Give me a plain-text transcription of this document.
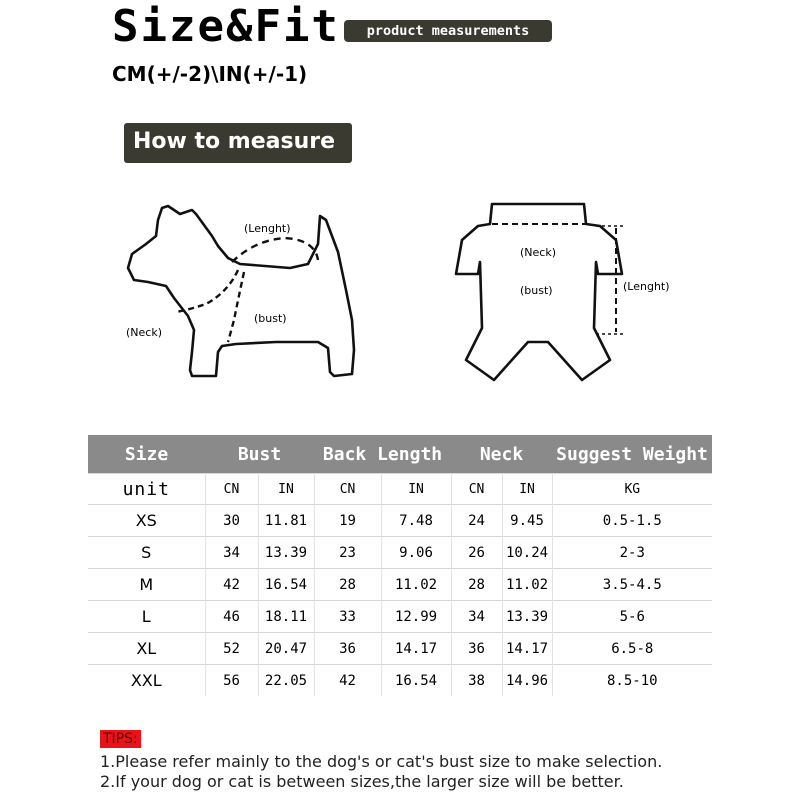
Size&Fit	product measurements
CM(+/-2)\IN(+/-1)
How to measure
(Lenght)
(Neck)
(bust)
(Neck)
(bust)	(Lenght)
Size	Bust		Back Length		Neck		Suggest Weight
unit	CN	IN	CN	IN	CN	IN	KG
XS	30	11.81	19	7.48	24	9.45	0.5-1.5
S	34	13.39	23	9.06	26	10.24	2-3
M	42	16.54	28	11.02	28	11.02	3.5-4.5
L	46	18.11	33	12.99	34	13.39	5-6
XL	52	20.47	36	14.17	36	14.17	6.5-8
XXL	56	22.05	42	16.54	38	14.96	8.5-10
TIPS:
1.Please refer mainly to the dog's or cat's bust size to make selection.
2.If your dog or cat is between sizes,the larger size will be better.
